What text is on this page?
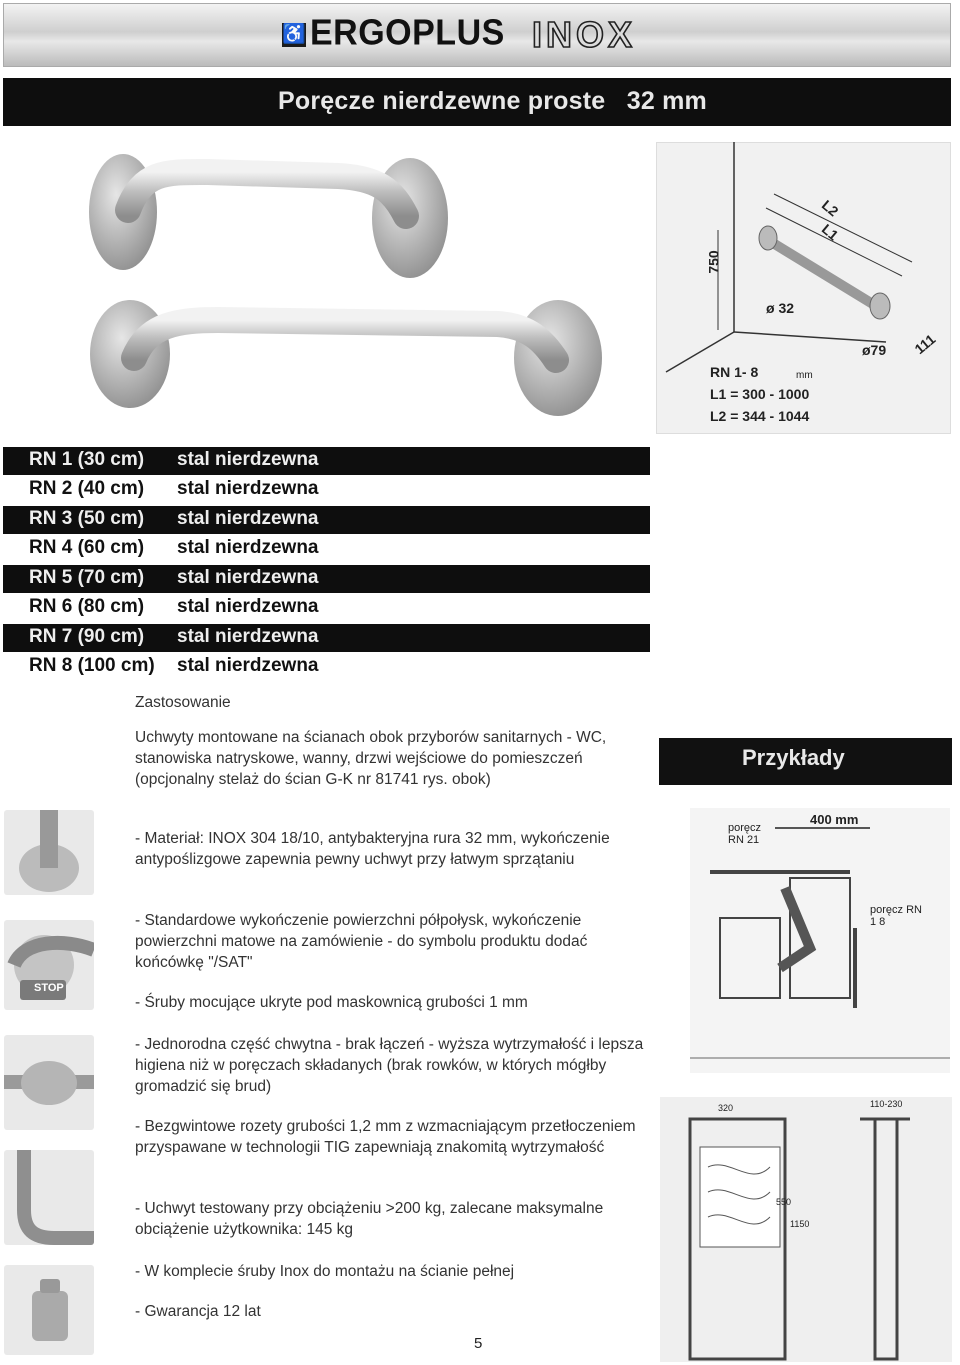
♿ ERGOPLUS INOX
Poręcze nierdzewne proste   32 mm
750
L2
L1
ø 32
ø79 111
RN 1- 8	mm
L1 = 300 - 1000
L2 = 344 - 1044
RN 1 (30 cm) stal nierdzewna
RN 2 (40 cm) stal nierdzewna
RN 3 (50 cm) stal nierdzewna
RN 4 (60 cm) stal nierdzewna
RN 5 (70 cm) stal nierdzewna
RN 6 (80 cm) stal nierdzewna
RN 7 (90 cm) stal nierdzewna
RN 8 (100 cm) stal nierdzewna
Zastosowanie
Uchwyty montowane na ścianach obok przyborów sanitarnych - WC, stanowiska natryskowe, wanny, drzwi wejściowe do pomieszczeń (opcjonalny stelaż do ścian G-K nr 81741 rys. obok)
- Materiał: INOX 304 18/10, antybakteryjna rura 32 mm, wykończenie antypoślizgowe zapewnia pewny uchwyt przy łatwym sprzątaniu
- Standardowe wykończenie powierzchni półpołysk, wykończenie powierzchni matowe na zamówienie - do symbolu produktu dodać końcówkę "/SAT"
- Śruby mocujące ukryte pod maskownicą grubości 1 mm
- Jednorodna część chwytna - brak łączeń - wyższa wytrzymałość i lepsza higiena niż w poręczach składanych (brak rowków, w których mógłby gromadzić się brud)
- Bezgwintowe rozety grubości 1,2 mm z wzmacniającym przetłoczeniem przyspawane w technologii TIG zapewniają znakomitą wytrzymałość
- Uchwyt testowany przy obciążeniu >200 kg, zalecane maksymalne obciążenie użytkownika: 145 kg
- W komplecie śruby Inox do montażu na ścianie pełnej
- Gwarancja 12 lat
STOP
Przykłady
400 mm
poręcz RN 21
poręcz RN 1 8
320	110-230
550
1150
5
